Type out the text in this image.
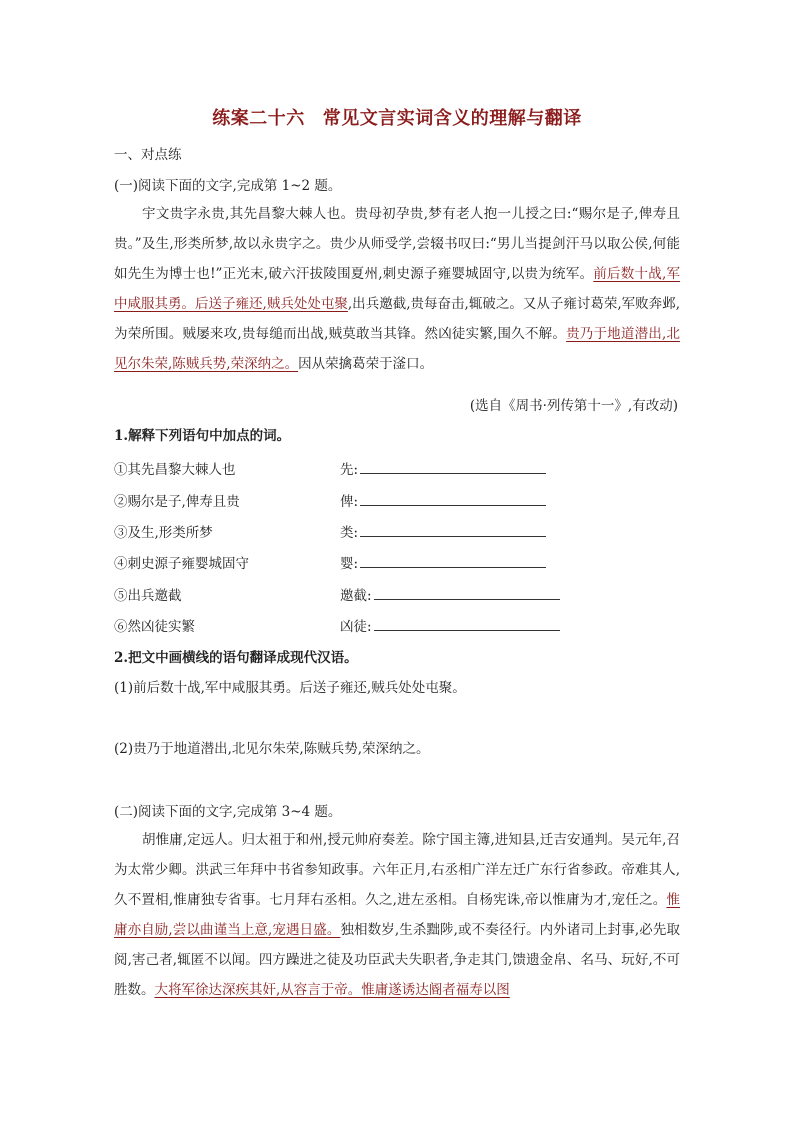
练案二十六 常见文言实词含义的理解与翻译
一、对点练
(一)阅读下面的文字,完成第 1~2 题。

宇文贵字永贵,其先昌黎大棘人也。贵母初孕贵,梦有老人抱一儿授之曰:“赐尔是子,俾寿且贵。”及生,形类所梦,故以永贵字之。贵少从师受学,尝辍书叹曰:“男儿当提剑汗马以取公侯,何能如先生为博士也!”正光末,破六汗拔陵围夏州,刺史源子雍婴城固守,以贵为统军。前后数十战,军中咸服其勇。后送子雍还,贼兵处处屯聚,出兵邀截,贵每奋击,辄破之。又从子雍讨葛荣,军败奔邺,为荣所围。贼屡来攻,贵每缒而出战,贼莫敢当其锋。然凶徒实繁,围久不解。贵乃于地道潜出,北见尔朱荣,陈贼兵势,荣深纳之。因从荣擒葛荣于滏口。

(选自《周书·列传第十一》,有改动)
1.解释下列语句中加点的词。
①其先昌黎大棘人也	先:
②赐尔是子,俾寿且贵	俾:
③及生,形类所梦	类:
④刺史源子雍婴城固守	婴:
⑤出兵邀截	邀截:
⑥然凶徒实繁	凶徒:
2.把文中画横线的语句翻译成现代汉语。
(1)前后数十战,军中咸服其勇。后送子雍还,贼兵处处屯聚。
(2)贵乃于地道潜出,北见尔朱荣,陈贼兵势,荣深纳之。
(二)阅读下面的文字,完成第 3~4 题。

胡惟庸,定远人。归太祖于和州,授元帅府奏差。除宁国主簿,进知县,迁吉安通判。吴元年,召为太常少卿。洪武三年拜中书省参知政事。六年正月,右丞相广洋左迁广东行省参政。帝难其人,久不置相,惟庸独专省事。七月拜右丞相。久之,进左丞相。自杨宪诛,帝以惟庸为才,宠任之。惟庸亦自励,尝以曲谨当上意,宠遇日盛。独相数岁,生杀黜陟,或不奏径行。内外诸司上封事,必先取阅,害己者,辄匿不以闻。四方躁进之徒及功臣武夫失职者,争走其门,馈遗金帛、名马、玩好,不可胜数。大将军徐达深疾其奸,从容言于帝。惟庸遂诱达阍者福寿以图
